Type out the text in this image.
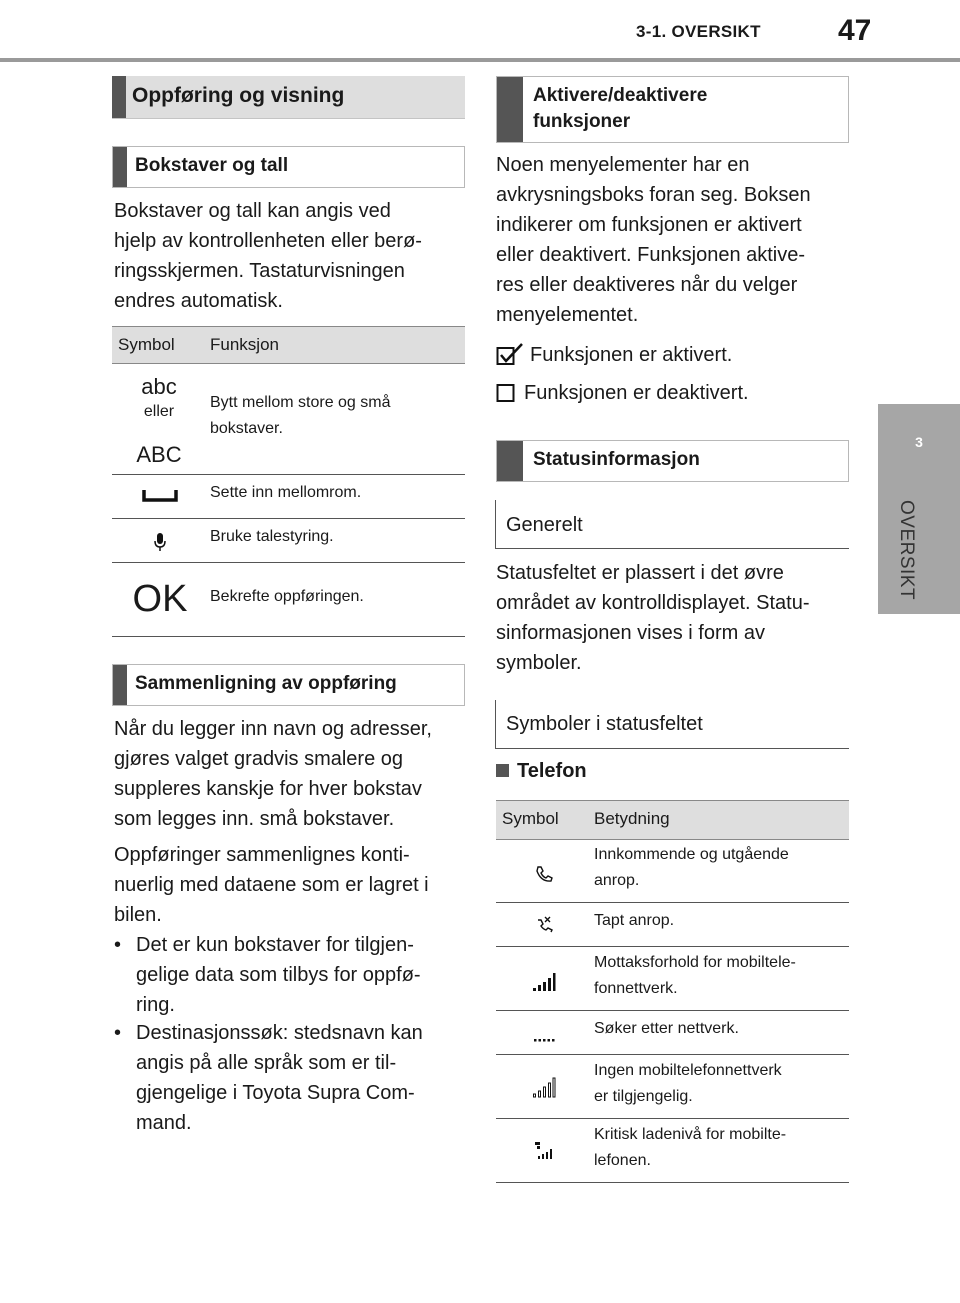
3-1. OVERSIKT	47
3
OVERSIKT
Oppføring og visning
Bokstaver og tall
Bokstaver og tall kan angis ved
hjelp av kontrollenheten eller berø-
ringsskjermen. Tastaturvisningen
endres automatisk.
Symbol Funksjon
abc
eller
ABC
Bytt mellom store og små
bokstaver.
Sette inn mellomrom.
Bruke talestyring.
OK	Bekrefte oppføringen.
Sammenligning av oppføring
Når du legger inn navn og adresser,
gjøres valget gradvis smalere og
suppleres kanskje for hver bokstav
som legges inn. små bokstaver.
Oppføringer sammenlignes konti-
nuerlig med dataene som er lagret i
bilen.
• Det er kun bokstaver for tilgjen-
gelige data som tilbys for oppfø-
ring.
• Destinasjonssøk: stedsnavn kan
angis på alle språk som er til-
gjengelige i Toyota Supra Com-
mand.
Aktivere/deaktivere
funksjoner
Noen menyelementer har en
avkrysningsboks foran seg. Boksen
indikerer om funksjonen er aktivert
eller deaktivert. Funksjonen aktive-
res eller deaktiveres når du velger
menyelementet.
Funksjonen er aktivert.
Funksjonen er deaktivert.
Statusinformasjon
Generelt
Statusfeltet er plassert i det øvre
området av kontrolldisplayet. Statu-
sinformasjonen vises i form av
symboler.
Symboler i statusfeltet
Telefon
Symbol Betydning
Innkommende og utgående
anrop.
Tapt anrop.
Mottaksforhold for mobiltele-
fonnettverk.
Søker etter nettverk.
Ingen mobiltelefonnettverk
er tilgjengelig.
Kritisk ladenivå for mobilte-
lefonen.
